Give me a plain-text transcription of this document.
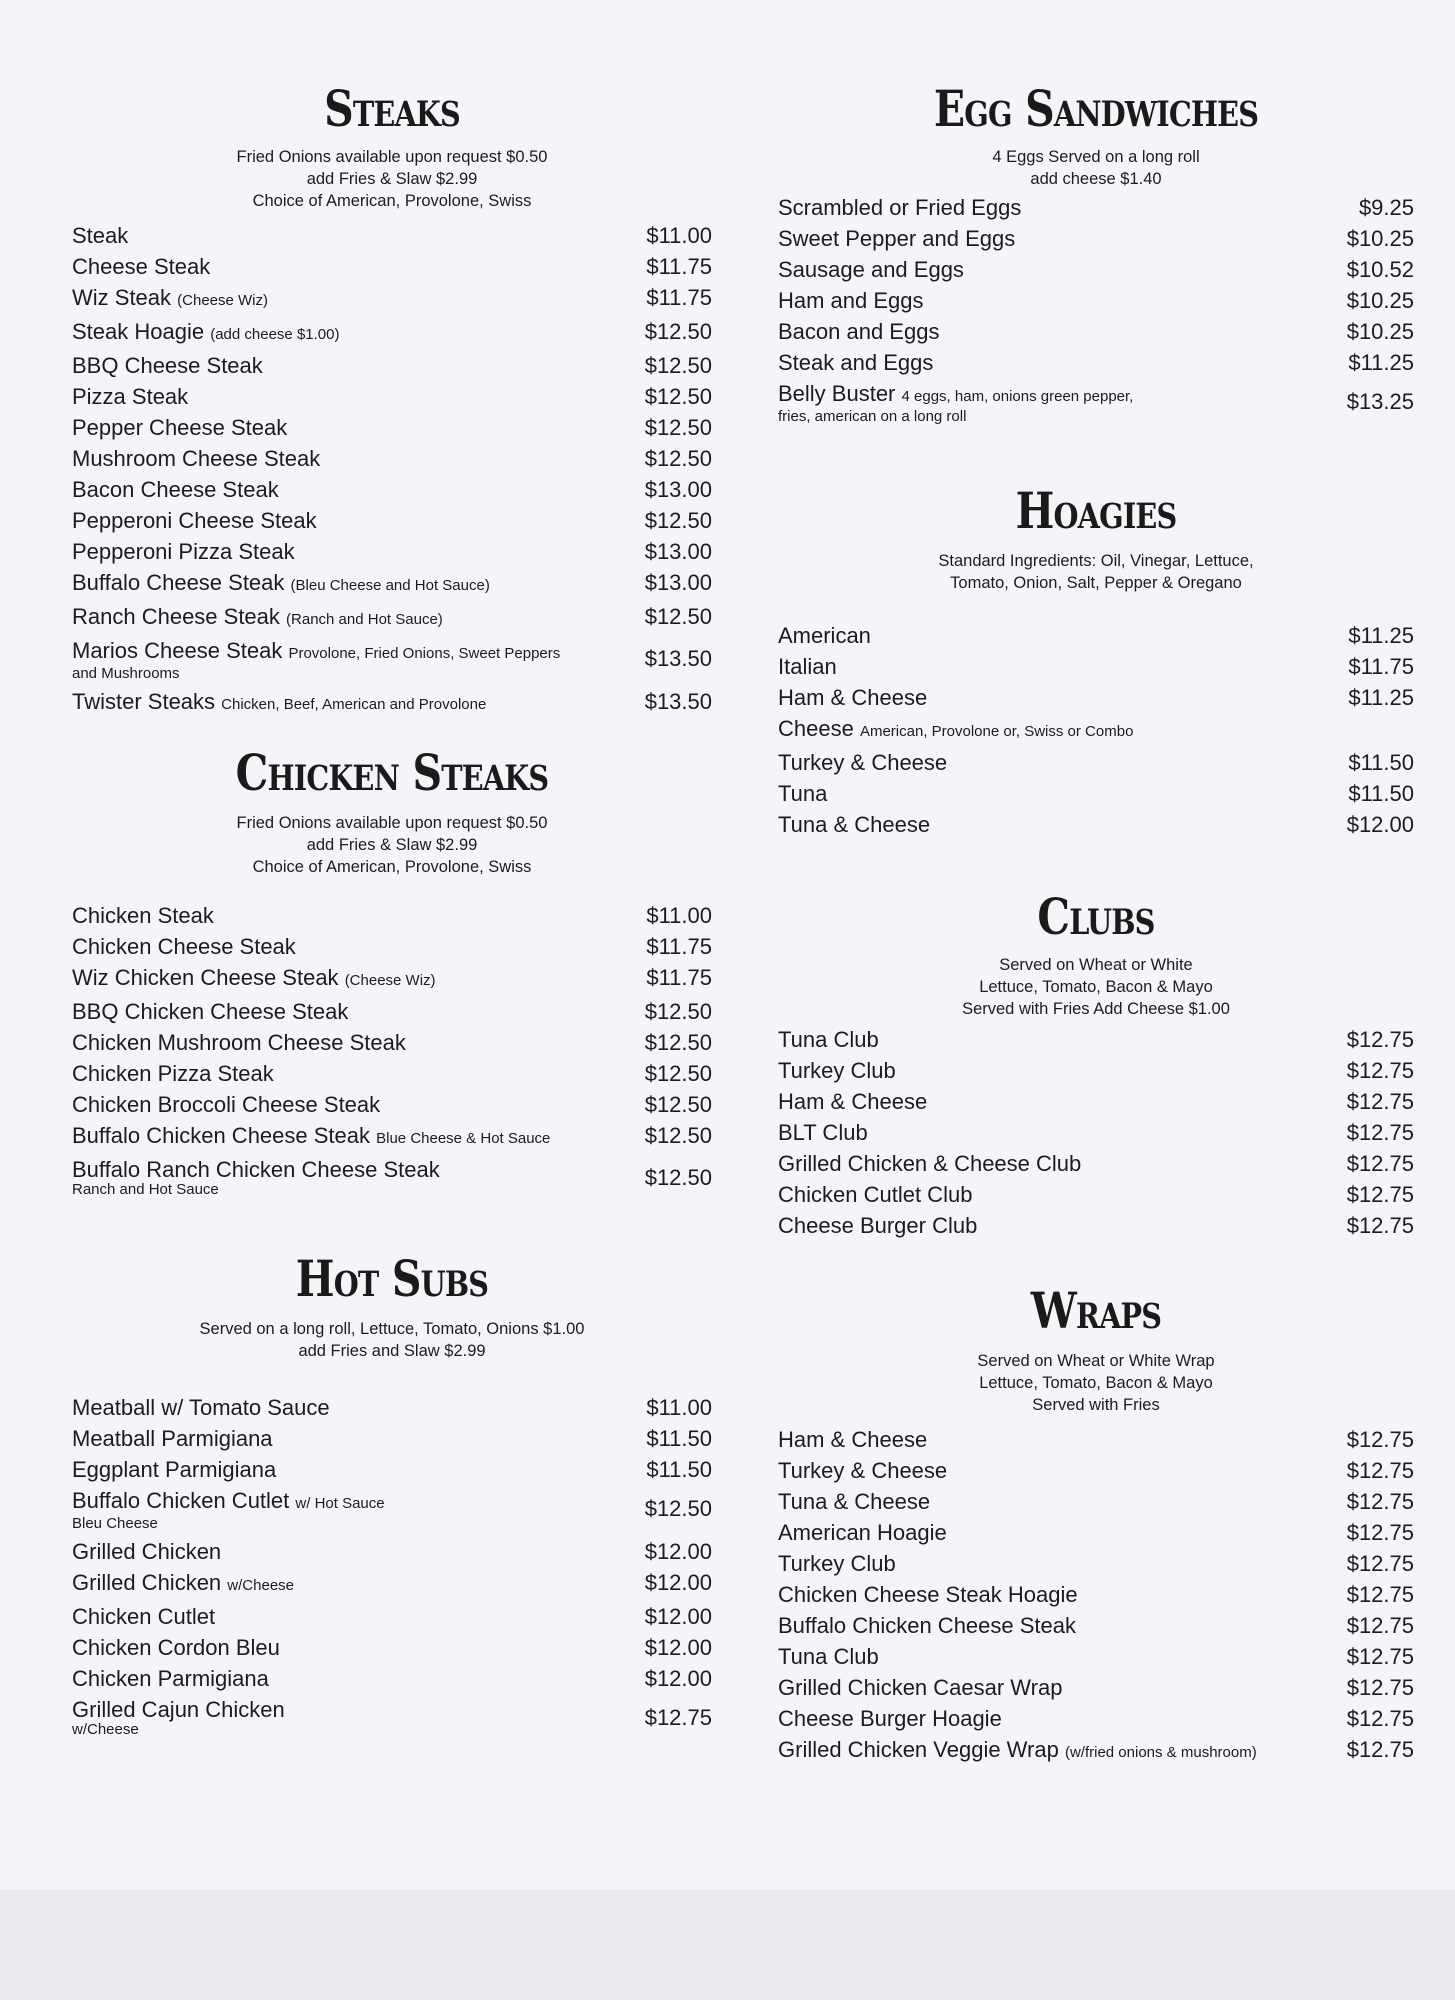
Steaks
Fried Onions available upon request $0.50
add Fries & Slaw $2.99
Choice of American, Provolone, Swiss
Steak	$11.00
Cheese Steak	$11.75
Wiz Steak (Cheese Wiz)	$11.75
Steak Hoagie (add cheese $1.00)	$12.50
BBQ Cheese Steak	$12.50
Pizza Steak	$12.50
Pepper Cheese Steak	$12.50
Mushroom Cheese Steak	$12.50
Bacon Cheese Steak	$13.00
Pepperoni Cheese Steak	$12.50
Pepperoni Pizza Steak	$13.00
Buffalo Cheese Steak (Bleu Cheese and Hot Sauce)	$13.00
Ranch Cheese Steak (Ranch and Hot Sauce)	$12.50
Marios Cheese Steak Provolone, Fried Onions, Sweet Peppers
and Mushrooms
$13.50
Twister Steaks Chicken, Beef, American and Provolone	$13.50
Chicken Steaks
Fried Onions available upon request $0.50
add Fries & Slaw $2.99
Choice of American, Provolone, Swiss
Chicken Steak	$11.00
Chicken Cheese Steak	$11.75
Wiz Chicken Cheese Steak (Cheese Wiz)	$11.75
BBQ Chicken Cheese Steak	$12.50
Chicken Mushroom Cheese Steak	$12.50
Chicken Pizza Steak	$12.50
Chicken Broccoli Cheese Steak	$12.50
Buffalo Chicken Cheese Steak Blue Cheese & Hot Sauce	$12.50
Buffalo Ranch Chicken Cheese Steak
Ranch and Hot Sauce	$12.50
Hot Subs
Served on a long roll, Lettuce, Tomato, Onions $1.00
add Fries and Slaw $2.99
Meatball w/ Tomato Sauce	$11.00
Meatball Parmigiana	$11.50
Eggplant Parmigiana	$11.50
Buffalo Chicken Cutlet w/ Hot Sauce
Bleu Cheese
$12.50
Grilled Chicken	$12.00
Grilled Chicken w/Cheese	$12.00
Chicken Cutlet	$12.00
Chicken Cordon Bleu	$12.00
Chicken Parmigiana	$12.00
Grilled Cajun Chicken
w/Cheese	$12.75
Egg Sandwiches
4 Eggs Served on a long roll
add cheese $1.40
Scrambled or Fried Eggs	$9.25
Sweet Pepper and Eggs	$10.25
Sausage and Eggs	$10.52
Ham and Eggs	$10.25
Bacon and Eggs	$10.25
Steak and Eggs	$11.25
Belly Buster 4 eggs, ham, onions green pepper,
fries, american on a long roll
$13.25
Hoagies
Standard Ingredients: Oil, Vinegar, Lettuce,
Tomato, Onion, Salt, Pepper & Oregano
American	$11.25
Italian	$11.75
Ham & Cheese	$11.25
Cheese American, Provolone or, Swiss or Combo
Turkey & Cheese	$11.50
Tuna	$11.50
Tuna & Cheese	$12.00
Clubs
Served on Wheat or White
Lettuce, Tomato, Bacon & Mayo
Served with Fries Add Cheese $1.00
Tuna Club	$12.75
Turkey Club	$12.75
Ham & Cheese	$12.75
BLT Club	$12.75
Grilled Chicken & Cheese Club	$12.75
Chicken Cutlet Club	$12.75
Cheese Burger Club	$12.75
Wraps
Served on Wheat or White Wrap
Lettuce, Tomato, Bacon & Mayo
Served with Fries
Ham & Cheese	$12.75
Turkey & Cheese	$12.75
Tuna & Cheese	$12.75
American Hoagie	$12.75
Turkey Club	$12.75
Chicken Cheese Steak Hoagie	$12.75
Buffalo Chicken Cheese Steak	$12.75
Tuna Club	$12.75
Grilled Chicken Caesar Wrap	$12.75
Cheese Burger Hoagie	$12.75
Grilled Chicken Veggie Wrap (w/fried onions & mushroom)	$12.75
